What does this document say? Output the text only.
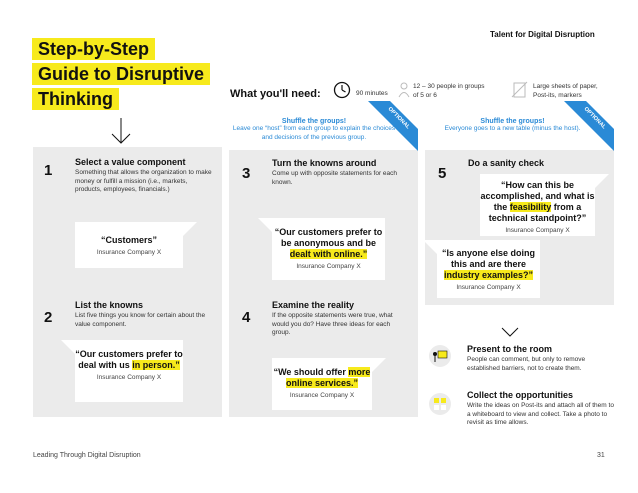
Step-by-Step
Guide to Disruptive
Thinking
Talent for Digital Disruption
What you'll need:	90 minutes
12 – 30 people in groups of 5 or 6
Large sheets of paper, Post-its, markers
1	Select a value component
Something that allows the organization to make money or fulfill a mission (i.e., markets, products, employees, financials.)
“Customers”
Insurance Company X
2
List the knowns
List five things you know for certain about the value component.
“Our customers prefer to deal with us in person.”
Insurance Company X
Shuffle the groups!
Leave one “host” from each group to explain the choices and decisions of the previous group.
OPTIONAL
3
Turn the knowns around
Come up with opposite statements for each known.
“Our customers prefer to be anonymous and be dealt with online.”
Insurance Company X
4
Examine the reality
If the opposite statements were true, what would you do? Have three ideas for each group.
“We should offer more online services.”
Insurance Company X
Shuffle the groups!
Everyone goes to a new table (minus the host). OPTIONAL
5
Do a sanity check
“How can this be accomplished, and what is the feasibility from a technical standpoint?”
Insurance Company X
“Is anyone else doing this and are there industry examples?”
Insurance Company X
Present to the room
People can comment, but only to remove established barriers, not to create them.
Collect the opportunities
Write the ideas on Post-its and attach all of them to a whiteboard to view and collect. Take a photo to revisit as time allows.
Leading Through Digital Disruption	31
